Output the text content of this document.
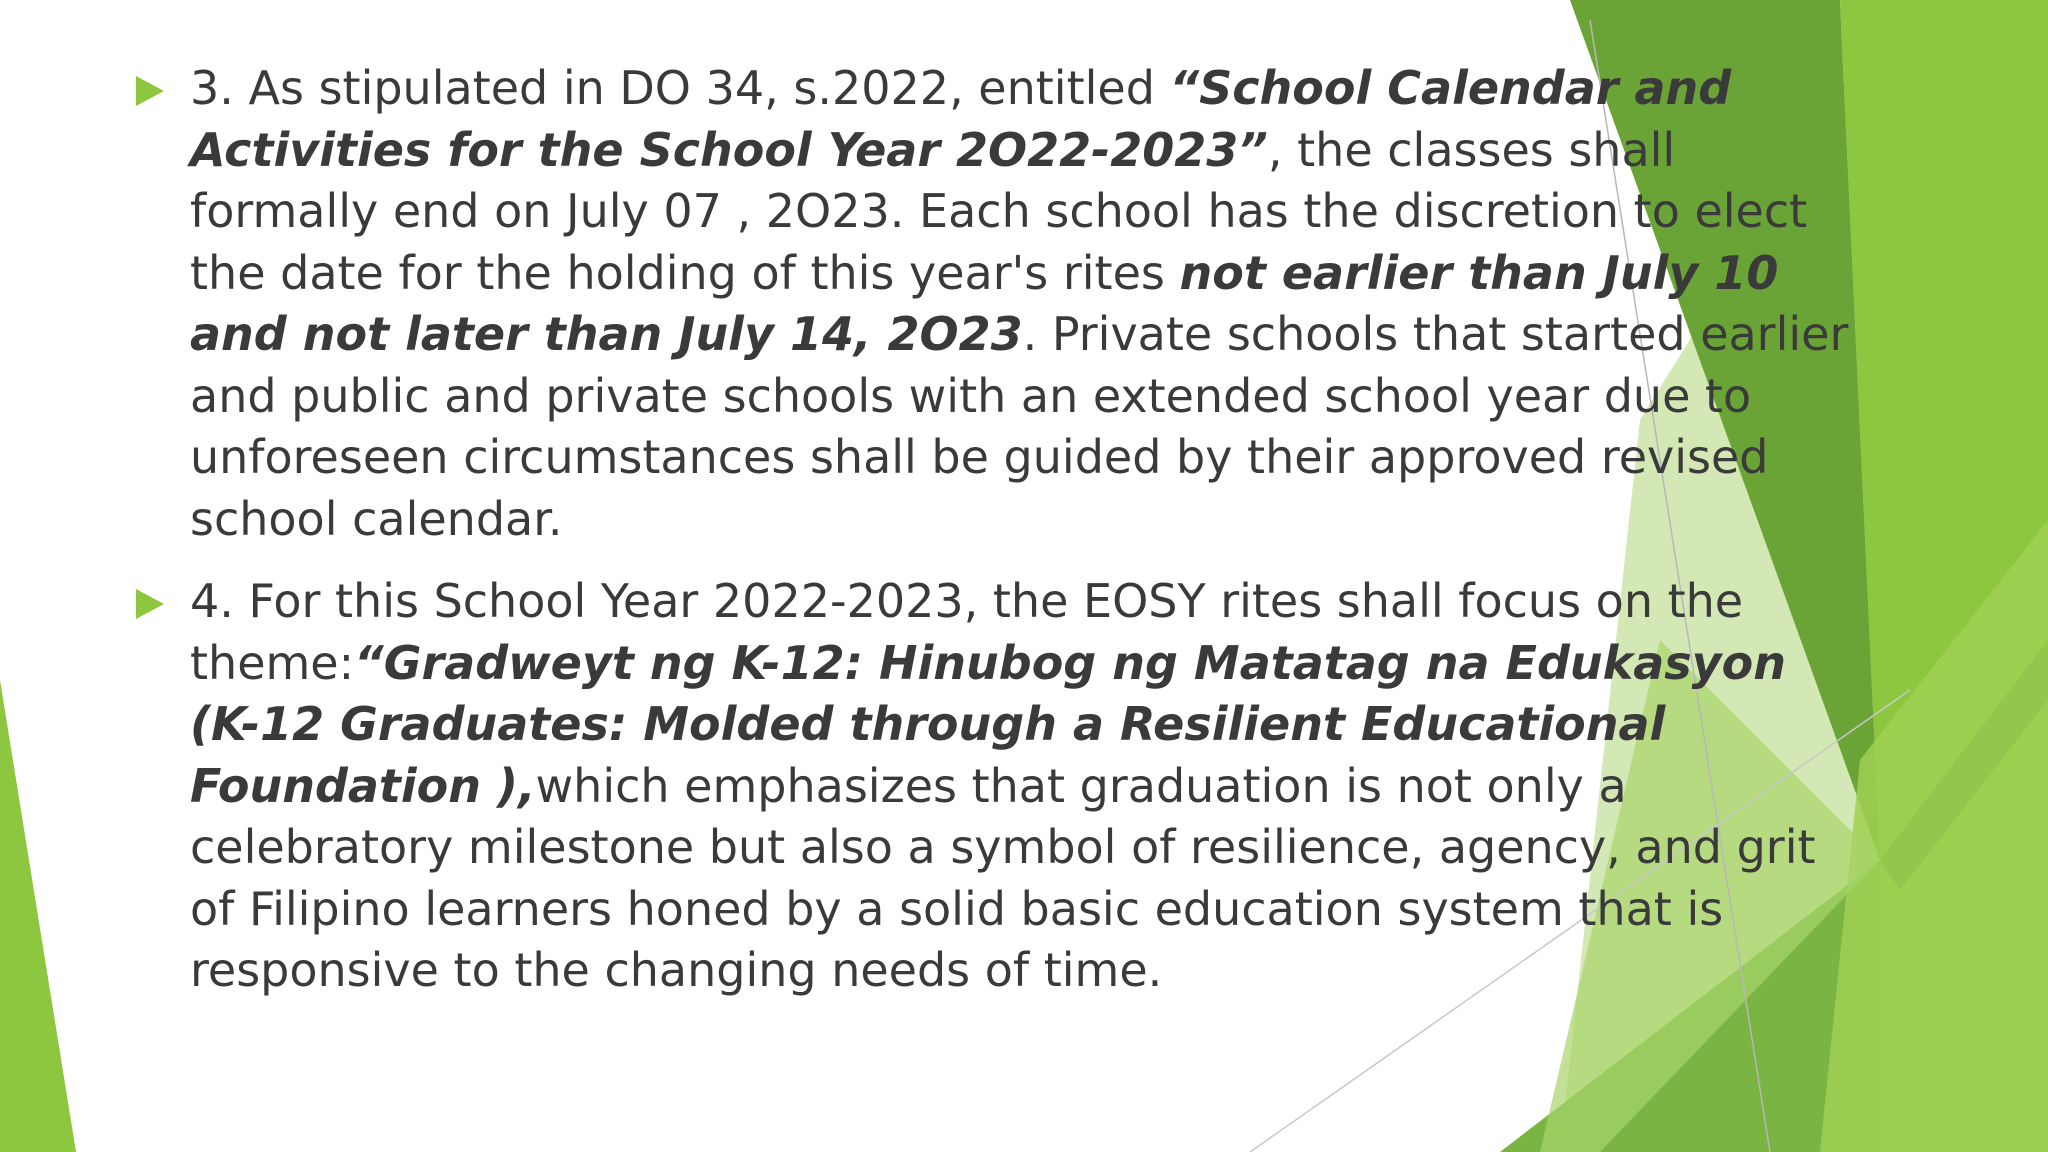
3. As stipulated in DO 34, s.2022, entitled “School Calendar and Activities for the School Year 2O22-2023”, the classes shall formally end on July 07 , 2O23. Each school has the discretion to elect the date for the holding of this year's rites not earlier than July 10 and not later than July 14, 2O23. Private schools that started earlier and public and private schools with an extended school year due to unforeseen circumstances shall be guided by their approved revised school calendar.
4. For this School Year 2022-2023, the EOSY rites shall focus on the theme:“Gradweyt ng K-12: Hinubog ng Matatag na Edukasyon (K-12 Graduates: Molded through a Resilient Educational Foundation ),which emphasizes that graduation is not only a celebratory milestone but also a symbol of resilience, agency, and grit of Filipino learners honed by a solid basic education system that is responsive to the changing needs of time.
